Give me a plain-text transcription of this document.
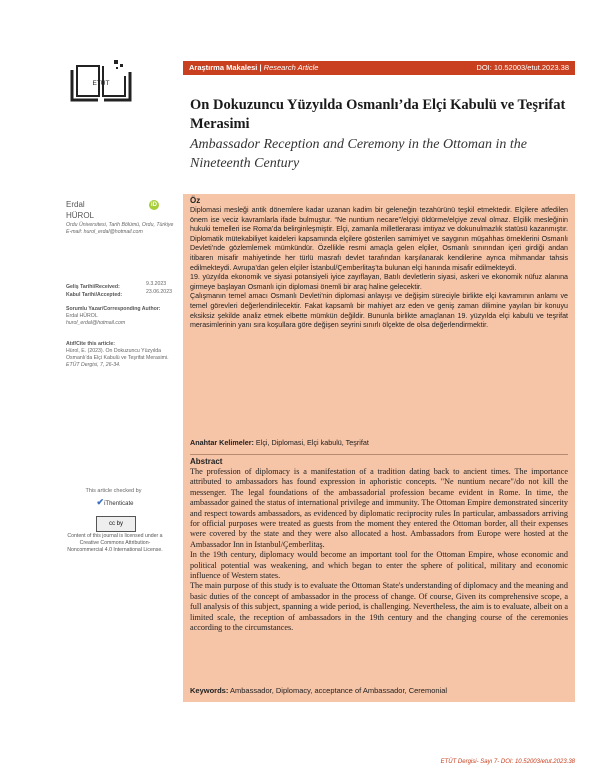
ETÜT
Araştırma Makalesi | Research Article	DOI: 10.52003/etut.2023.38
On Dokuzuncu Yüzyılda Osmanlı’da Elçi Kabulü ve Teşrifat Merasimi
Ambassador Reception and Ceremony in the Ottoman in the Nineteenth Century
Erdal
HÜROL
iD
Ordu Üniversitesi, Tarih Bölümü, Ordu, Türkiye
E-mail: hurol_erdal@hotmail.com
Geliş Tarihi/Received:	9.3.2023
Kabul Tarihi/Accepted:	23.06.2023
Sorumlu Yazar/Corresponding Author:
Erdal HÜROL
hurol_erdal@hotmail.com
Atıf/Cite this article:
Hürol, E. (2023). On Dokuzuncu Yüzyılda
Osmanlı’da Elçi Kabulü ve Teşrifat Merasimi.
ETÜT Dergisi, 7, 26-34.
This article checked by
✔iThenticate
cc by
Content of this journal is licensed under a
Creative Commons Attribution-
Noncommercial 4.0 International License.
Öz

Diplomasi mesleği antik dönemlere kadar uzanan kadim bir geleneğin tezahürünü teşkil etmektedir. Elçilere atfedilen önem ise veciz kavramlarla ifade bulmuştur. “Ne nuntium necare”/elçiyi öldürme/elçiye zeval olmaz. Elçilik mesleğinin hukuki temelleri ise Roma’da belirginleşmiştir. Elçi, zamanla milletlerarası imtiyaz ve dokunulmazlık statüsü kazanmıştır. Diplomatik mütekabiliyet kaideleri kapsamında elçilere gösterilen samimiyet ve saygının müşahhas örneklerini Osmanlı Devleti’nde gözlemlemek mümkündür. Özellikle resmi amaçla gelen elçiler, Osmanlı sınırından içeri girdiği andan itibaren misafir mahiyetinde her türlü masrafı devlet tarafından karşılanarak kendilerine ayrıca mihmandar tahsis edilmekteydi. Avrupa’dan gelen elçiler İstanbul/Çemberlitaş’ta bulunan elçi hanında misafir edilmekteydi.

19. yüzyılda ekonomik ve siyasi potansiyeli iyice zayıflayan, Batılı devletlerin siyasi, askeri ve ekonomik nüfuz alanına girmeye başlayan Osmanlı için diplomasi önemli bir araç haline gelecektir.

Çalışmanın temel amacı Osmanlı Devleti’nin diplomasi anlayışı ve değişim süreciyle birlikte elçi kavramının anlamı ve temel görevleri değerlendirilecektir. Fakat kapsamlı bir mahiyet arz eden ve geniş zaman dilimine yayılan bir konuyu eksiksiz şekilde analiz etmek elbette mümkün değildir. Bununla birlikte amaçlanan 19. yüzyılda elçi kabulü ve teşrifat merasimlerinin yanı sıra koşullara göre değişen seyrini sınırlı ölçekte de olsa değerlendirmektir.

Anahtar Kelimeler: Elçi, Diplomasi, Elçi kabulü, Teşrifat
Abstract

The profession of diplomacy is a manifestation of a tradition dating back to ancient times. The importance attributed to ambassadors has found expression in aphoristic concepts. "Ne nuntium necare"/do not kill the messenger. The legal foundations of the ambassadorial profession became evident in Rome. In time, the ambassador gained the status of international privilege and immunity. The Ottoman Empire demonstrated sincerity and respect towards ambassadors, as evidenced by diplomatic reciprocity rules In particular, ambassadors arriving for official purposes were treated as guests from the moment they entered the Ottoman border, all their expenses were covered by the state and they were also allocated a host. Ambassadors from Europe were hosted at the Ambassador Inn in Istanbul/Çemberlitaş.

In the 19th century, diplomacy would become an important tool for the Ottoman Empire, whose economic and political potential was weakening, and which began to enter the sphere of political, military and economic influence of Western states.

The main purpose of this study is to evaluate the Ottoman State's understanding of diplomacy and the meaning and basic duties of the concept of ambassador in the process of change. Of course, Given its comprehensive scope, a full analysis of this subject, spanning a wide period, is challenging. Nevertheless, the aim is to evaluate, albeit on a limited scale, the reception of ambassadors in the 19th century and the changing course of the ceremonies according to the circumstances.

Keywords: Ambassador, Diplomacy, acceptance of Ambassador, Ceremonial
ETÜT Dergisi- Sayı 7- DOI: 10.52003/etut.2023.38
